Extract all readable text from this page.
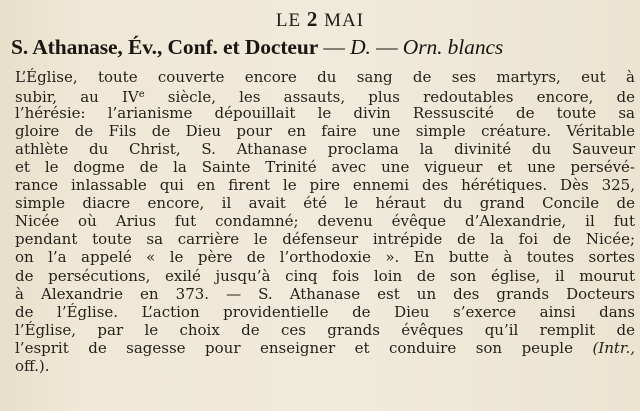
LE 2 MAI
S. Athanase, Év., Conf. et Docteur — D. — Orn. blancs
L’Église, toute couverte encore du sang de ses martyrs, eut à
subir, au IVe siècle, les assauts, plus redoutables encore, de
l’hérésie: l’arianisme dépouillait le divin Ressuscité de toute sa
gloire de Fils de Dieu pour en faire une simple créature. Véritable
athlète du Christ, S. Athanase proclama la divinité du Sauveur
et le dogme de la Sainte Trinité avec une vigueur et une persévé-
rance inlassable qui en firent le pire ennemi des hérétiques. Dès 325,
simple diacre encore, il avait été le héraut du grand Concile de
Nicée où Arius fut condamné; devenu évêque d’Alexandrie, il fut
pendant toute sa carrière le défenseur intrépide de la foi de Nicée;
on l’a appelé « le père de l’orthodoxie ». En butte à toutes sortes
de persécutions, exilé jusqu’à cinq fois loin de son église, il mourut
à Alexandrie en 373. — S. Athanase est un des grands Docteurs
de l’Église. L’action providentielle de Dieu s’exerce ainsi dans
l’Église, par le choix de ces grands évêques qu’il remplit de
l’esprit de sagesse pour enseigner et conduire son peuple (Intr.,
off.).
